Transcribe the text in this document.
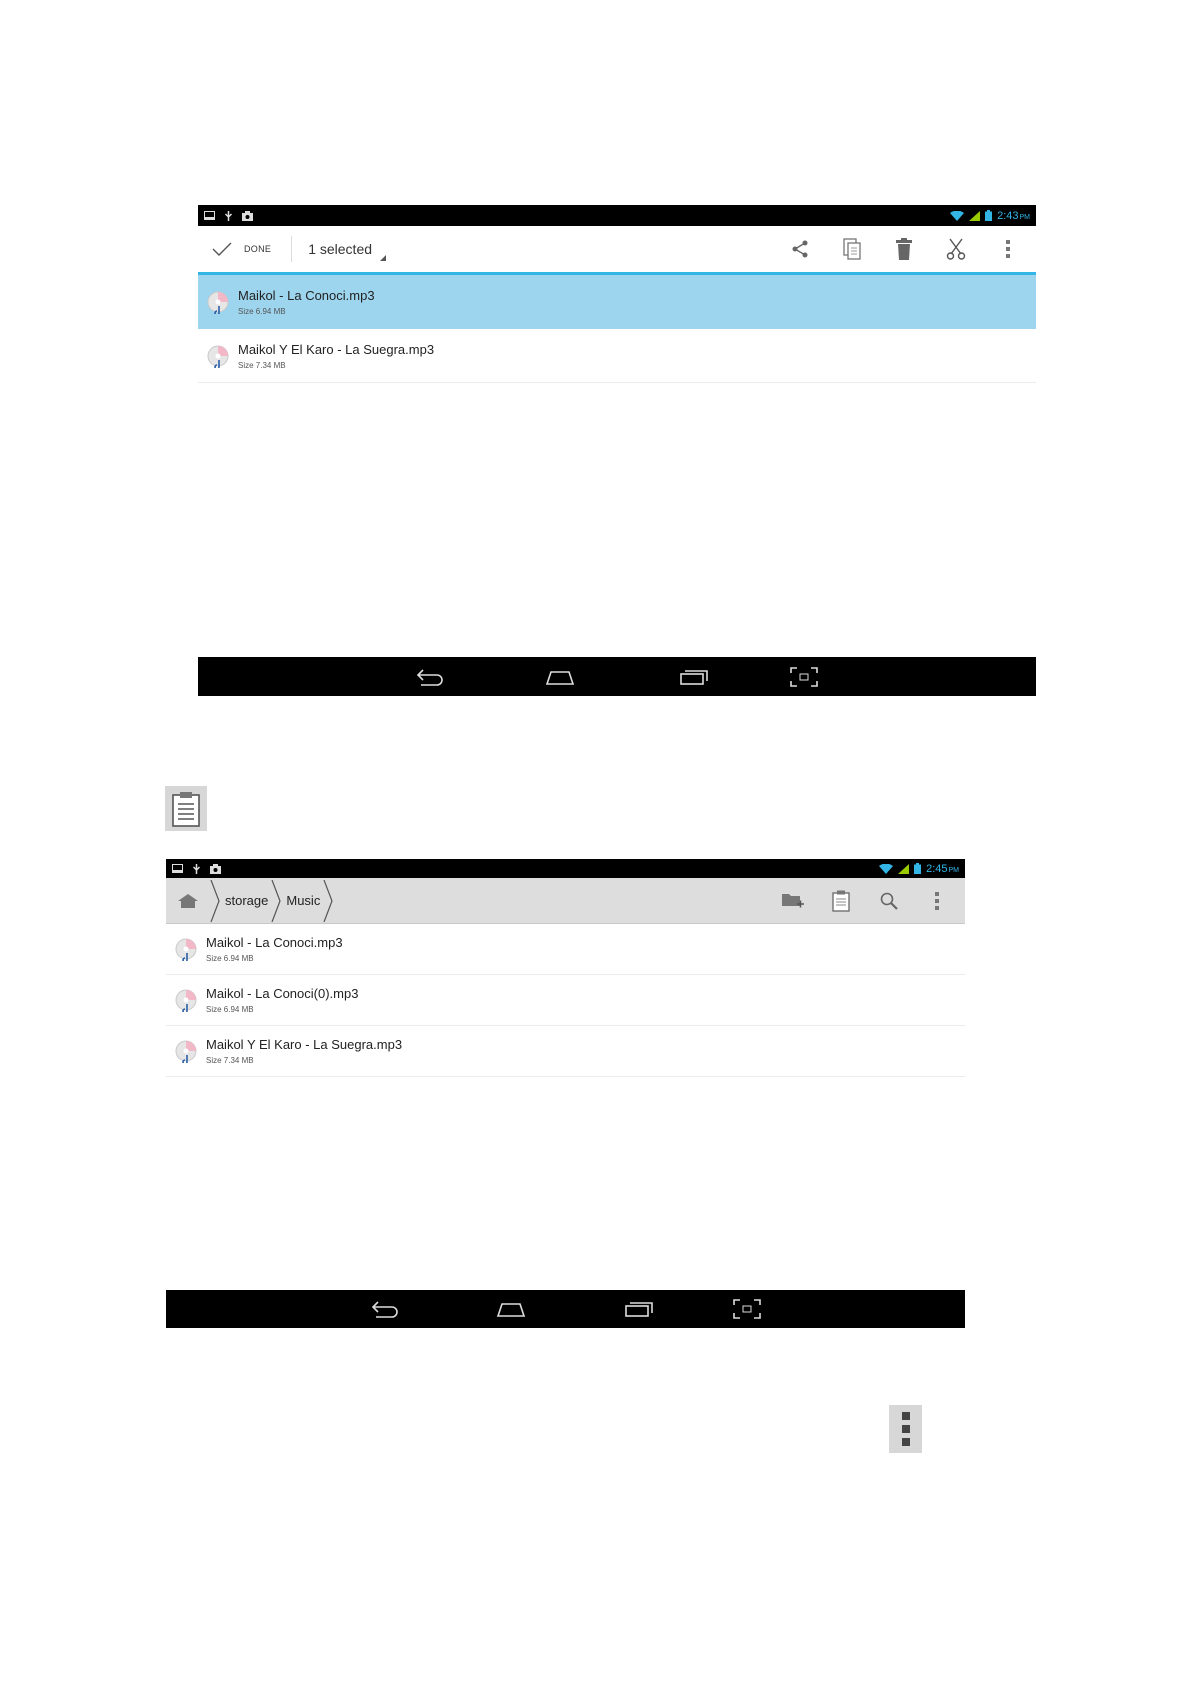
2:43PM
DONE	1 selected
Maikol - La Conoci.mp3
Size 6.94 MB
Maikol Y El Karo - La Suegra.mp3
Size 7.34 MB
2:45PM
storage	Music
Maikol - La Conoci.mp3
Size 6.94 MB
Maikol - La Conoci(0).mp3
Size 6.94 MB
Maikol Y El Karo - La Suegra.mp3
Size 7.34 MB
